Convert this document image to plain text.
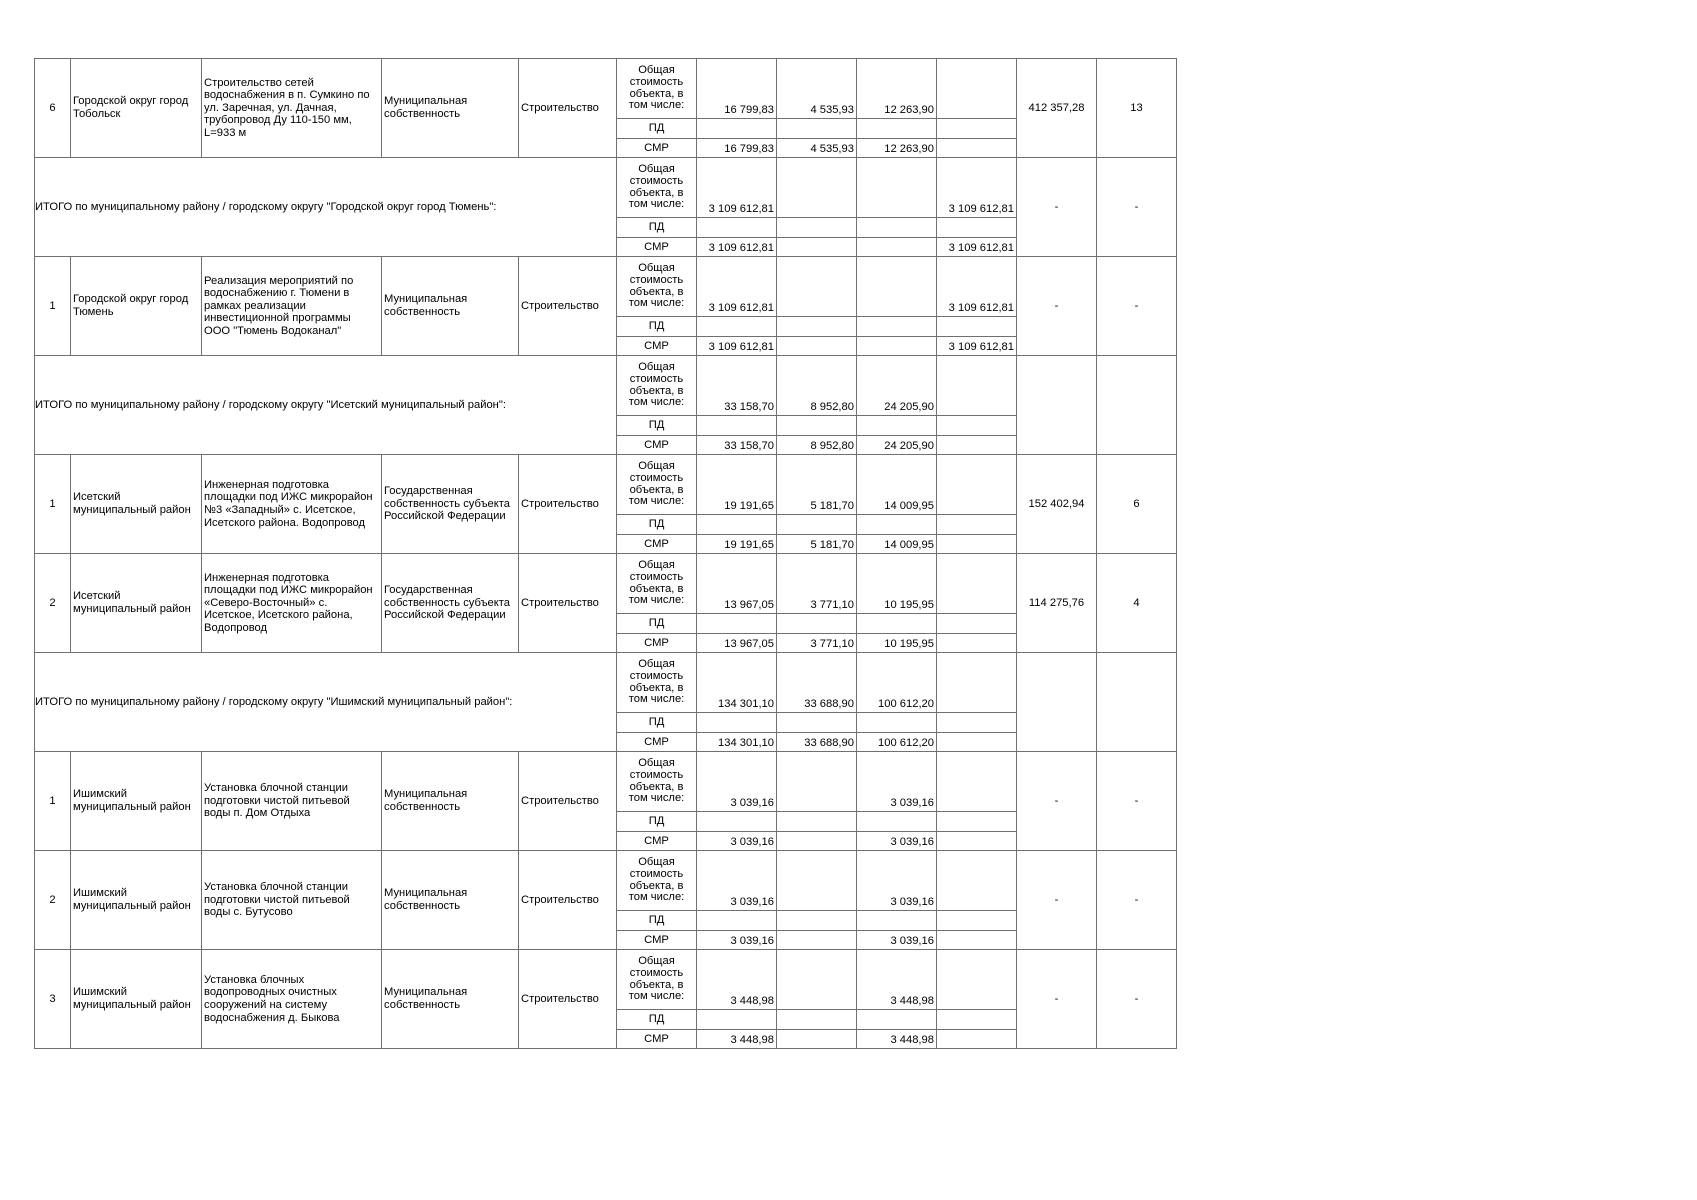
6	Городской округ город Тобольск	Строительство сетей водоснабжения в п. Сумкино по ул. Заречная, ул. Дачная, трубопровод Ду 110-150 мм, L=933 м	Муниципальная собственность	Строительство	Общая стоимость объекта, в том числе:	16 799,83	4 535,93	12 263,90		412 357,28	13
					ПД						
					СМР	16 799,83	4 535,93	12 263,90			
ИТОГО по муниципальному району / городскому округу "Городской округ город Тюмень":					Общая стоимость объекта, в том числе:	3 109 612,81			3 109 612,81	-	-
					ПД						
					СМР	3 109 612,81			3 109 612,81		
1	Городской округ город Тюмень	Реализация мероприятий по водоснабжению г. Тюмени в рамках реализации инвестиционной программы ООО "Тюмень Водоканал"	Муниципальная собственность	Строительство	Общая стоимость объекта, в том числе:	3 109 612,81			3 109 612,81	-	-
					ПД						
					СМР	3 109 612,81			3 109 612,81		
ИТОГО по муниципальному району / городскому округу "Исетский муниципальный район":					Общая стоимость объекта, в том числе:	33 158,70	8 952,80	24 205,90			
					ПД						
					СМР	33 158,70	8 952,80	24 205,90			
1	Исетский муниципальный район	Инженерная подготовка площадки под ИЖС микрорайон №3 «Западный» с. Исетское, Исетского района. Водопровод	Государственная собственность субъекта Российской Федерации	Строительство	Общая стоимость объекта, в том числе:	19 191,65	5 181,70	14 009,95		152 402,94	6
					ПД						
					СМР	19 191,65	5 181,70	14 009,95			
2	Исетский муниципальный район	Инженерная подготовка площадки под ИЖС микрорайон «Северо-Восточный» с. Исетское, Исетского района, Водопровод	Государственная собственность субъекта Российской Федерации	Строительство	Общая стоимость объекта, в том числе:	13 967,05	3 771,10	10 195,95		114 275,76	4
					ПД						
					СМР	13 967,05	3 771,10	10 195,95			
ИТОГО по муниципальному району / городскому округу "Ишимский муниципальный район":					Общая стоимость объекта, в том числе:	134 301,10	33 688,90	100 612,20			
					ПД						
					СМР	134 301,10	33 688,90	100 612,20			
1	Ишимский муниципальный район	Установка блочной станции подготовки чистой питьевой воды п. Дом Отдыха	Муниципальная собственность	Строительство	Общая стоимость объекта, в том числе:	3 039,16		3 039,16		-	-
					ПД						
					СМР	3 039,16		3 039,16			
2	Ишимский муниципальный район	Установка блочной станции подготовки чистой питьевой воды с. Бутусово	Муниципальная собственность	Строительство	Общая стоимость объекта, в том числе:	3 039,16		3 039,16		-	-
					ПД						
					СМР	3 039,16		3 039,16			
3	Ишимский муниципальный район	Установка блочных водопроводных очистных сооружений на систему водоснабжения д. Быкова	Муниципальная собственность	Строительство	Общая стоимость объекта, в том числе:	3 448,98		3 448,98		-	-
					ПД						
					СМР	3 448,98		3 448,98			
